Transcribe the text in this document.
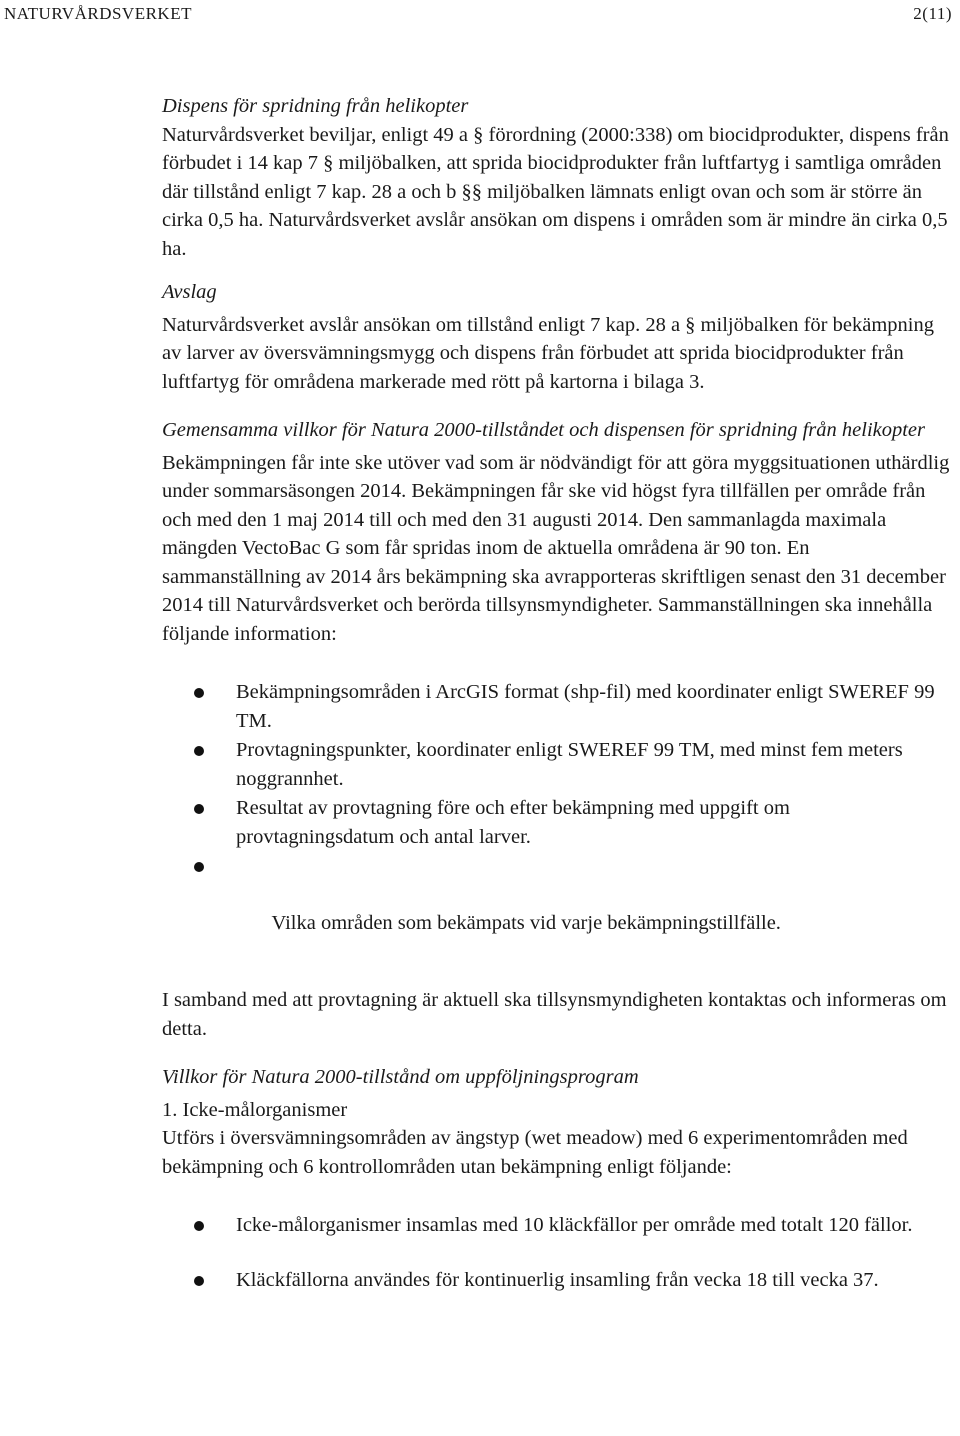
NATURVÅRDSVERKET	2(11)

Dispens för spridning från helikopter

Naturvårdsverket beviljar, enligt 49 a § förordning (2000:338) om biocidprodukter, dispens från förbudet i 14 kap 7 § miljöbalken, att sprida biocidprodukter från luftfartyg i samtliga områden där tillstånd enligt 7 kap. 28 a och b §§ miljöbalken lämnats enligt ovan och som är större än cirka 0,5 ha. Naturvårdsverket avslår ansökan om dispens i områden som är mindre än cirka 0,5 ha.

Avslag

Naturvårdsverket avslår ansökan om tillstånd enligt 7 kap. 28 a § miljöbalken för bekämpning av larver av översvämningsmygg och dispens från förbudet att sprida biocidprodukter från luftfartyg för områdena markerade med rött på kartorna i bilaga 3.

Gemensamma villkor för Natura 2000-tillståndet och dispensen för spridning från helikopter

Bekämpningen får inte ske utöver vad som är nödvändigt för att göra myggsituationen uthärdlig under sommarsäsongen 2014. Bekämpningen får ske vid högst fyra tillfällen per område från och med den 1 maj 2014 till och med den 31 augusti 2014. Den sammanlagda maximala mängden VectoBac G som får spridas inom de aktuella områdena är 90 ton. En sammanställning av 2014 års bekämpning ska avrapporteras skriftligen senast den 31 december 2014 till Naturvårdsverket och berörda tillsynsmyndigheter. Sammanställningen ska innehålla följande information:

Bekämpningsområden i ArcGIS format (shp-fil) med koordinater enligt SWEREF 99 TM.
Provtagningspunkter, koordinater enligt SWEREF 99 TM, med minst fem meters noggrannhet.
Resultat av provtagning före och efter bekämpning med uppgift om provtagningsdatum och antal larver.

Vilka områden som bekämpats vid varje bekämpningstillfälle.

I samband med att provtagning är aktuell ska tillsynsmyndigheten kontaktas och informeras om detta.

Villkor för Natura 2000-tillstånd om uppföljningsprogram

1. Icke-målorganismer

Utförs i översvämningsområden av ängstyp (wet meadow) med 6 experimentområden med bekämpning och 6 kontrollområden utan bekämpning enligt följande:

Icke-målorganismer insamlas med 10 kläckfällor per område med totalt 120 fällor.
Kläckfällorna användes för kontinuerlig insamling från vecka 18 till vecka 37.
